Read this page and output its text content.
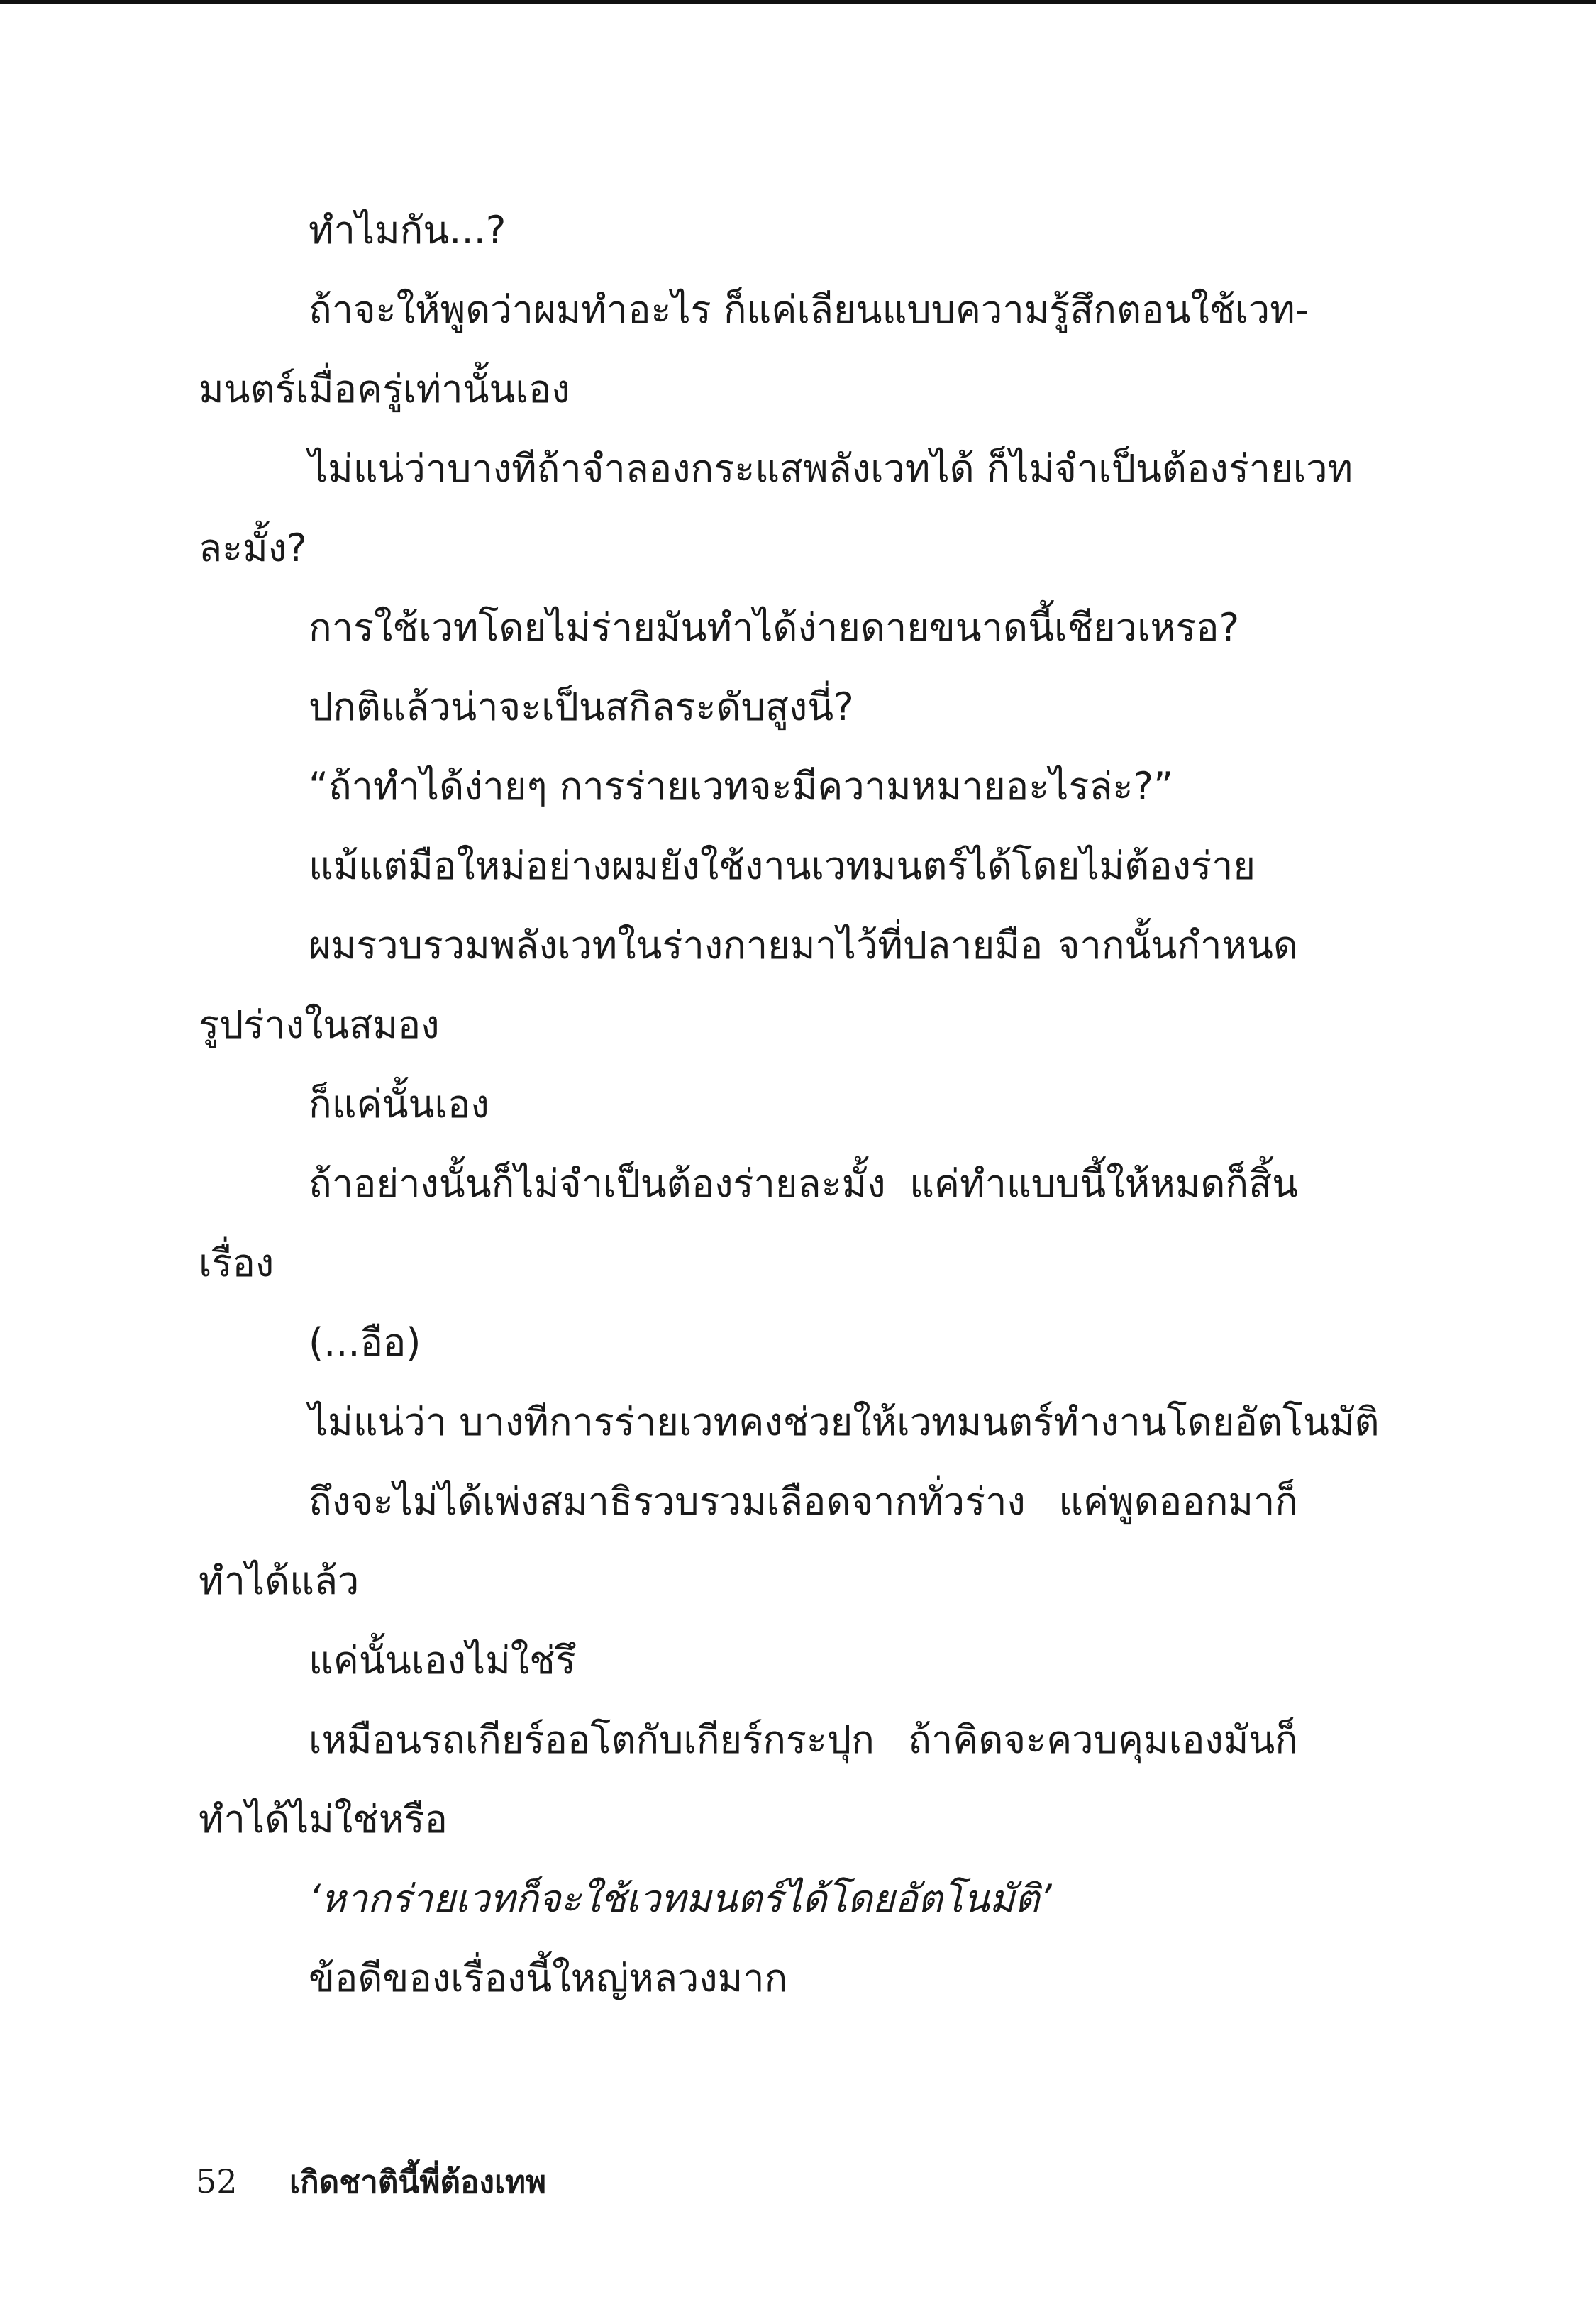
ทำไมกัน...?
ถ้าจะให้พูดว่าผมทำอะไร ก็แค่เลียนแบบความรู้สึกตอนใช้เวท-
มนตร์เมื่อครู่เท่านั้นเอง
ไม่แน่ว่าบางทีถ้าจำลองกระแสพลังเวทได้ ก็ไม่จำเป็นต้องร่ายเวท
ละมั้ง?
การใช้เวทโดยไม่ร่ายมันทำได้ง่ายดายขนาดนี้เชียวเหรอ?
ปกติแล้วน่าจะเป็นสกิลระดับสูงนี่?
“ถ้าทำได้ง่ายๆ การร่ายเวทจะมีความหมายอะไรล่ะ?”
แม้แต่มือใหม่อย่างผมยังใช้งานเวทมนตร์ได้โดยไม่ต้องร่าย
ผมรวบรวมพลังเวทในร่างกายมาไว้ที่ปลายมือ จากนั้นกำหนด
รูปร่างในสมอง
ก็แค่นั้นเอง
ถ้าอย่างนั้นก็ไม่จำเป็นต้องร่ายละมั้ง แค่ทำแบบนี้ให้หมดก็สิ้น
เรื่อง
(...อือ)
ไม่แน่ว่า บางทีการร่ายเวทคงช่วยให้เวทมนตร์ทำงานโดยอัตโนมัติ
ถึงจะไม่ได้เพ่งสมาธิรวบรวมเลือดจากทั่วร่าง แค่พูดออกมาก็
ทำได้แล้ว
แค่นั้นเองไม่ใช่รึ
เหมือนรถเกียร์ออโตกับเกียร์กระปุก ถ้าคิดจะควบคุมเองมันก็
ทำได้ไม่ใช่หรือ
‘หากร่ายเวทก็จะใช้เวทมนตร์ได้โดยอัตโนมัติ’
ข้อดีของเรื่องนี้ใหญ่หลวงมาก
52 เกิดชาตินี้พี่ต้องเทพ
